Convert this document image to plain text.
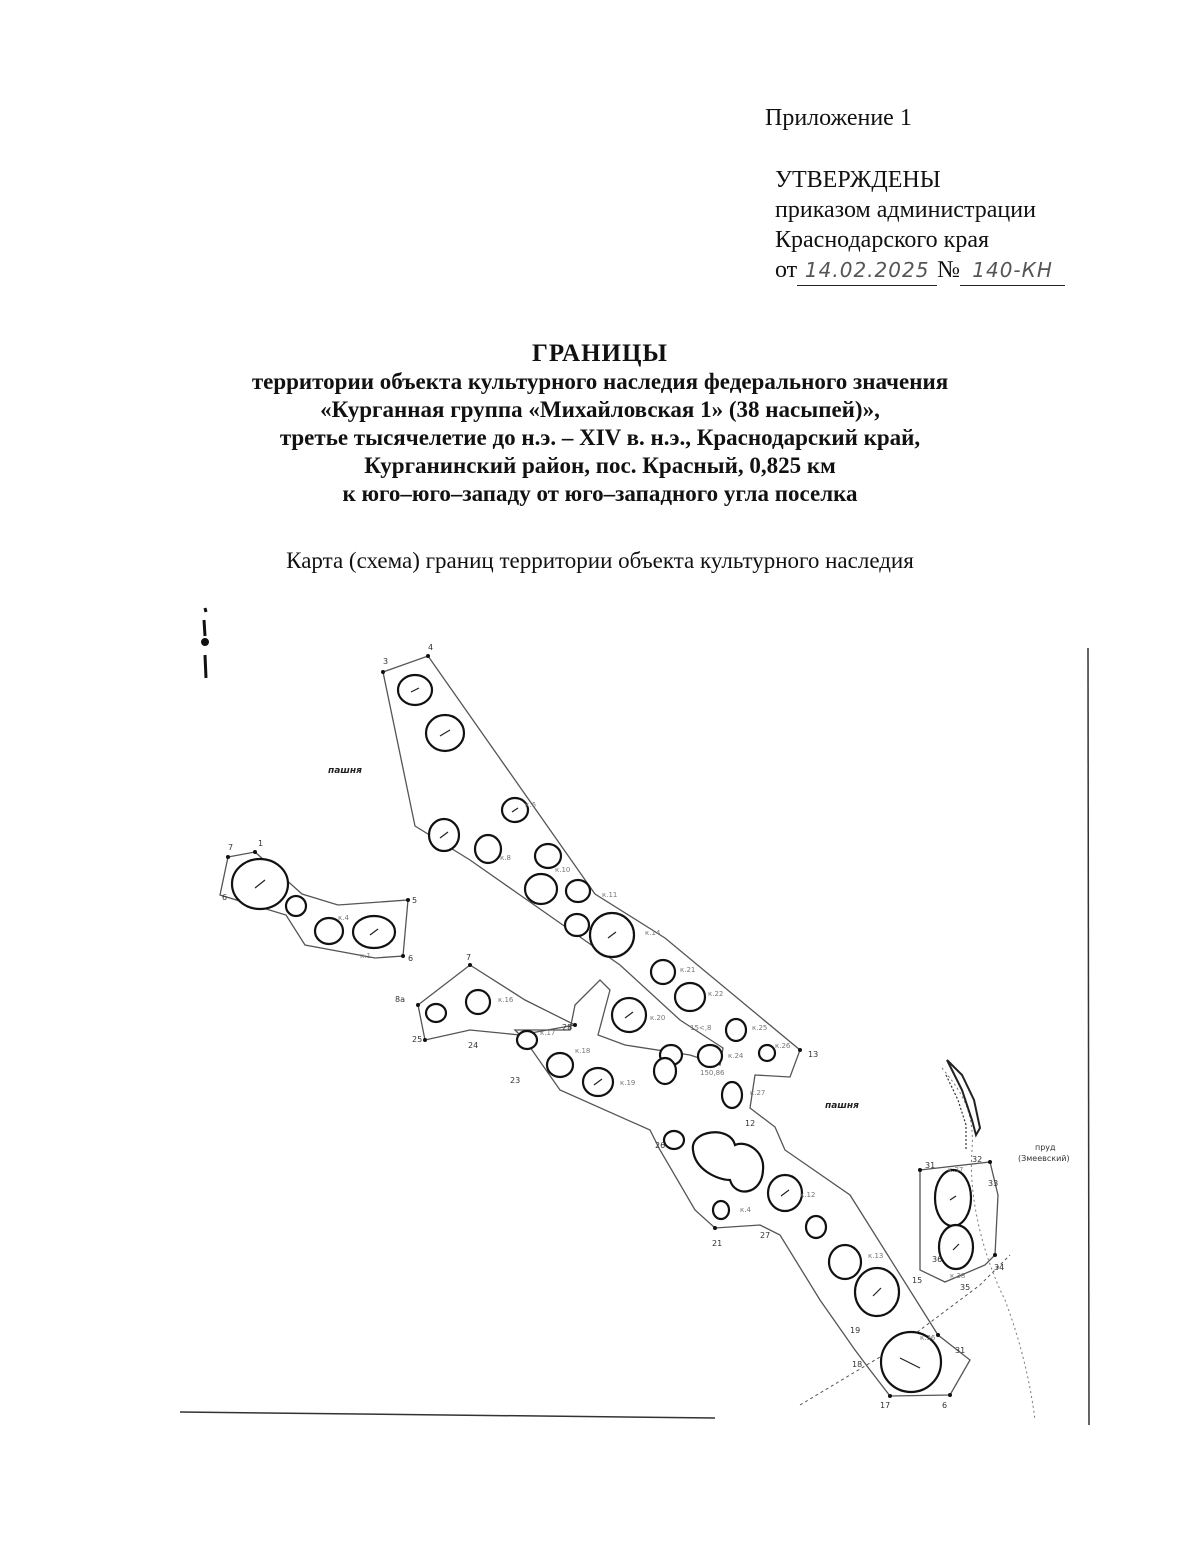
Приложение 1
УТВЕРЖДЕНЫ
приказом администрации
Краснодарского края
от 14.02.2025 № 140-КН
ГРАНИЦЫ
территории объекта культурного наследия федерального значения
«Курганная группа «Михайловская 1» (38 насыпей)»,
третье тысячелетие до н.э. – XIV в. н.э., Краснодарский край,
Курганинский район, пос. Красный, 0,825 км
к юго–юго–западу от юго–западного угла поселка
Карта (схема) границ территории объекта культурного наследия
3
4
7	1
5
6	7
8a
25
24
23
28
13
12
21
27
15
19
18
17	6
31
33
34
35
36
32
31
26
6
к.6
к.8
к.10
к.11
к.14
к.21
к.22
к.20
к.25
к.26
к.24
к.27
к.19
к.18
к.17
к.16
к.12
к.13
к.36
к.37
к.38
к.4
15<,8
150,86
к.4
к.1
пашня
пашня
пруд
(Змеевский)
